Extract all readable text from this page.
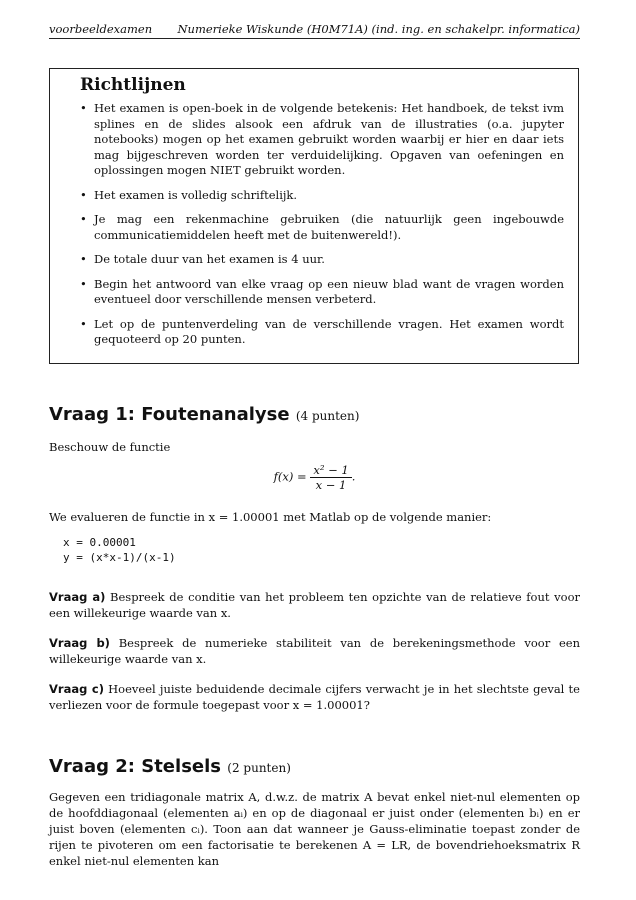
voorbeeldexamen Numerieke Wiskunde (H0M71A) (ind. ing. en schakelpr. informatica)
Richtlijnen
• Het examen is open-boek in de volgende betekenis: Het handboek, de tekst ivm splines en de slides alsook een afdruk van de illustraties (o.a. jupyter notebooks) mogen op het examen gebruikt worden waarbij er hier en daar iets mag bijgeschreven worden ter verduidelijking. Opgaven van oefeningen en oplossingen mogen NIET gebruikt worden.
• Het examen is volledig schriftelijk.
• Je mag een rekenmachine gebruiken (die natuurlijk geen ingebouwde communicatiemiddelen heeft met de buitenwereld!).
• De totale duur van het examen is 4 uur.
• Begin het antwoord van elke vraag op een nieuw blad want de vragen worden eventueel door verschillende mensen verbeterd.
• Let op de puntenverdeling van de verschillende vragen. Het examen wordt gequoteerd op 20 punten.
Vraag 1: Foutenanalyse (4 punten)

Beschouw de functie

$f(x) = \frac{\text{x² − 1}}{x - 1}$ .

We evalueren de functie in x = 1.00001 met Matlab op de volgende manier:

x = 0.00001
y = (x*x-1)/(x-1)

Vraag a) Bespreek de conditie van het probleem ten opzichte van de relatieve fout voor een willekeurige waarde van x.

Vraag b) Bespreek de numerieke stabiliteit van de berekeningsmethode voor een willekeurige waarde van x.

Vraag c) Hoeveel juiste beduidende decimale cijfers verwacht je in het slechtste geval te verliezen voor de formule toegepast voor x = 1.00001?

Vraag 2: Stelsels (2 punten)

Gegeven een tridiagonale matrix A, d.w.z. de matrix A bevat enkel niet-nul elementen op de hoofddiagonaal (elementen aᵢ) en op de diagonaal er juist onder (elementen bᵢ) en er juist boven (elementen cᵢ). Toon aan dat wanneer je Gauss-eliminatie toepast zonder de rijen te pivoteren om een factorisatie te berekenen A = LR, de bovendriehoeksmatrix R enkel niet-nul elementen kan
